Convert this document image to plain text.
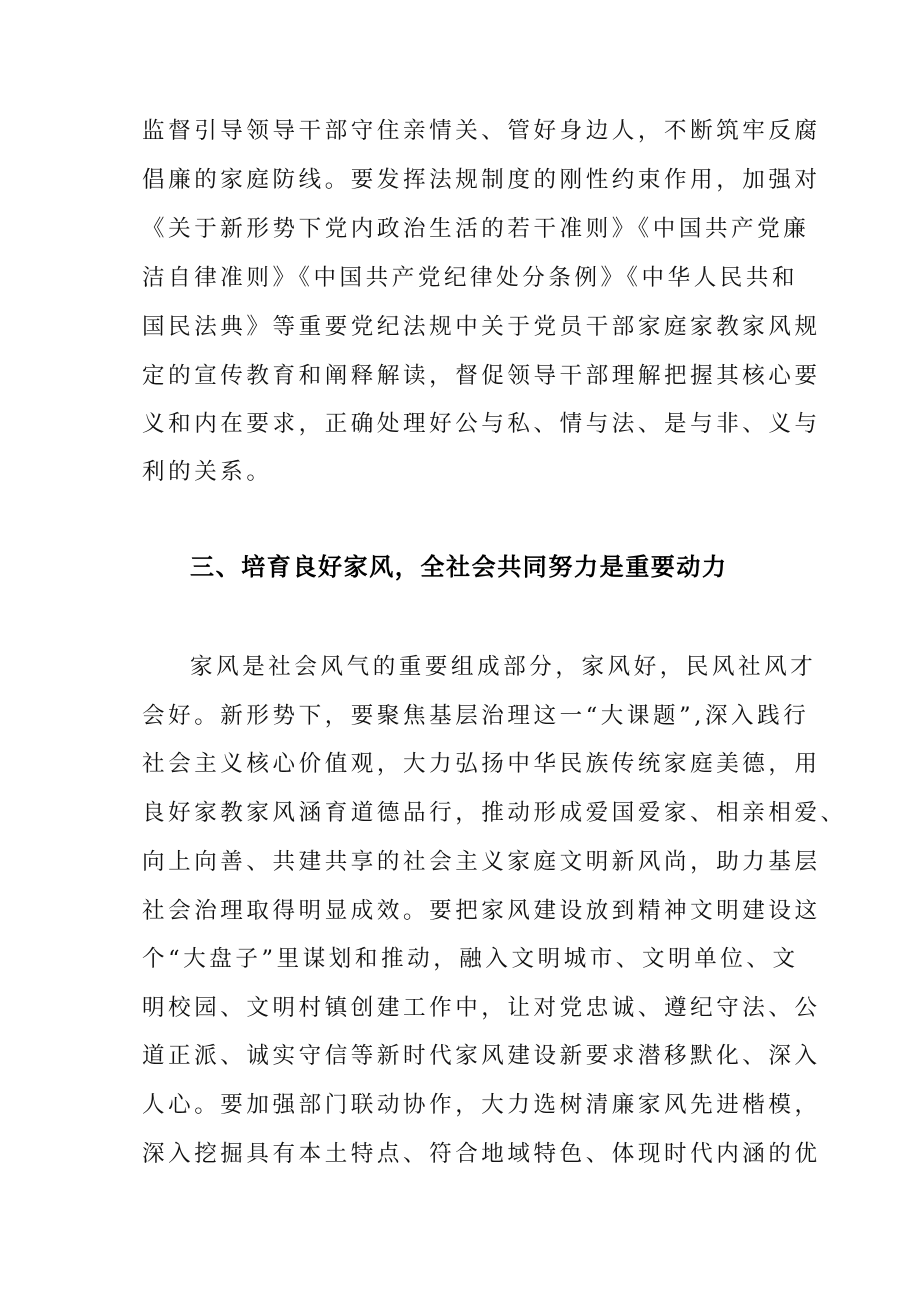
监督引导领导干部守住亲情关、管好身边人，不断筑牢反腐
倡廉的家庭防线。要发挥法规制度的刚性约束作用，加强对
《关于新形势下党内政治生活的若干准则》《中国共产党廉
洁自律准则》《中国共产党纪律处分条例》《中华人民共和
国民法典》等重要党纪法规中关于党员干部家庭家教家风规
定的宣传教育和阐释解读，督促领导干部理解把握其核心要
义和内在要求，正确处理好公与私、情与法、是与非、义与
利的关系。
三、培育良好家风，全社会共同努力是重要动力
家风是社会风气的重要组成部分，家风好，民风社风才
会好。新形势下，要聚焦基层治理这一“大课题”,深入践行
社会主义核心价值观，大力弘扬中华民族传统家庭美德，用
良好家教家风涵育道德品行，推动形成爱国爱家、相亲相爱、
向上向善、共建共享的社会主义家庭文明新风尚，助力基层
社会治理取得明显成效。要把家风建设放到精神文明建设这
个“大盘子”里谋划和推动，融入文明城市、文明单位、文
明校园、文明村镇创建工作中，让对党忠诚、遵纪守法、公
道正派、诚实守信等新时代家风建设新要求潜移默化、深入
人心。要加强部门联动协作，大力选树清廉家风先进楷模，
深入挖掘具有本土特点、符合地域特色、体现时代内涵的优
